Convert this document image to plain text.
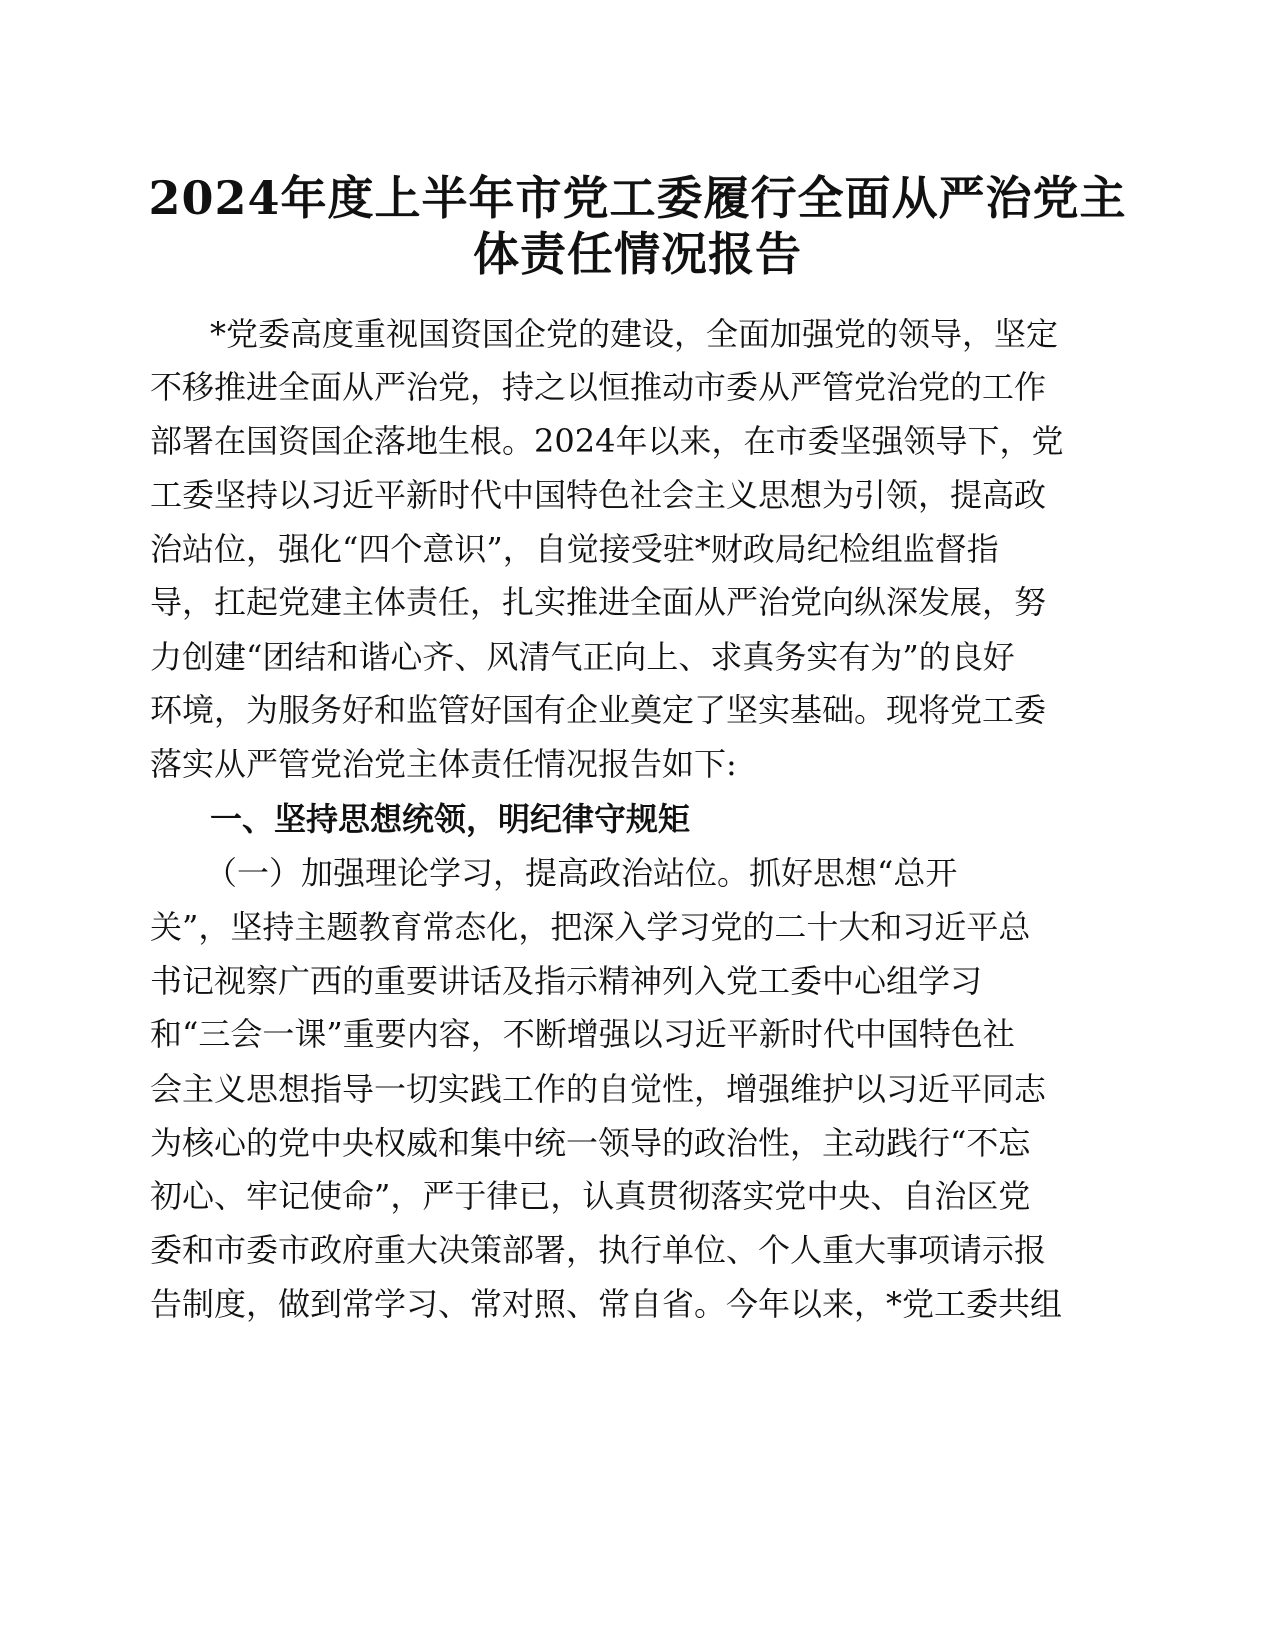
2024年度上半年市党工委履行全面从严治党主
体责任情况报告

*党委高度重视国资国企党的建设，全面加强党的领导，坚定

不移推进全面从严治党，持之以恒推动市委从严管党治党的工作

部署在国资国企落地生根。2024年以来，在市委坚强领导下，党

工委坚持以习近平新时代中国特色社会主义思想为引领，提高政

治站位，强化“四个意识”，自觉接受驻*财政局纪检组监督指

导，扛起党建主体责任，扎实推进全面从严治党向纵深发展，努

力创建“团结和谐心齐、风清气正向上、求真务实有为”的良好

环境，为服务好和监管好国有企业奠定了坚实基础。现将党工委

落实从严管党治党主体责任情况报告如下:

一、坚持思想统领，明纪律守规矩

（一）加强理论学习，提高政治站位。抓好思想“总开

关”，坚持主题教育常态化，把深入学习党的二十大和习近平总

书记视察广西的重要讲话及指示精神列入党工委中心组学习

和“三会一课”重要内容，不断增强以习近平新时代中国特色社

会主义思想指导一切实践工作的自觉性，增强维护以习近平同志

为核心的党中央权威和集中统一领导的政治性，主动践行“不忘

初心、牢记使命”，严于律已，认真贯彻落实党中央、自治区党

委和市委市政府重大决策部署，执行单位、个人重大事项请示报

告制度，做到常学习、常对照、常自省。今年以来，*党工委共组
